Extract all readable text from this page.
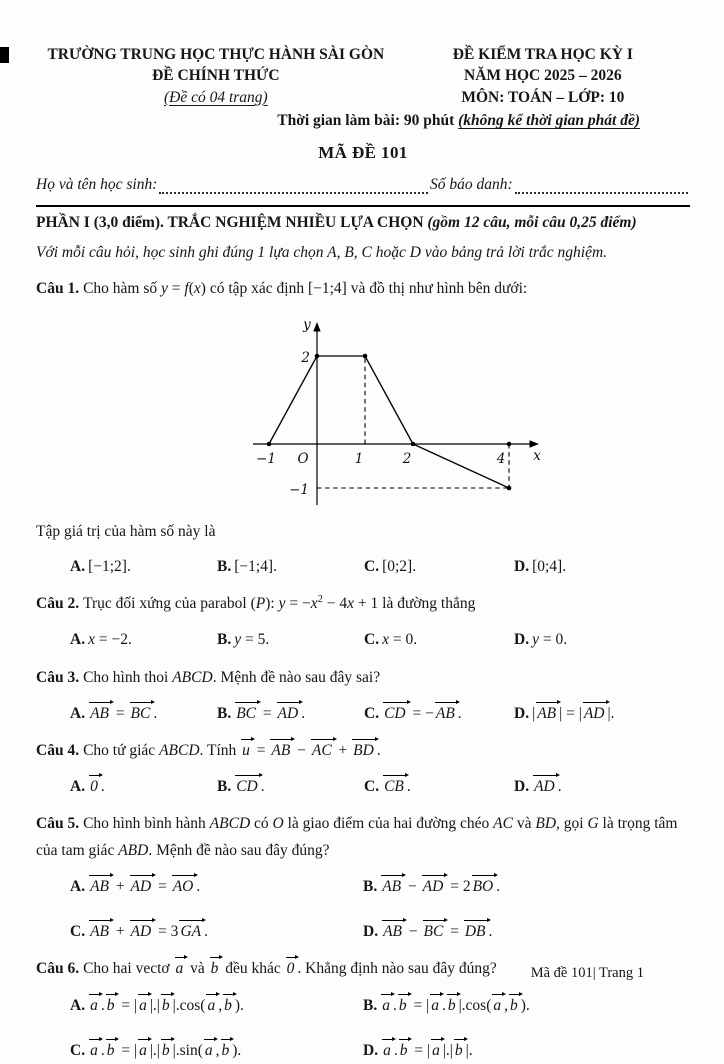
TRƯỜNG TRUNG HỌC THỰC HÀNH SÀI GÒN
ĐỀ CHÍNH THỨC
(Đề có 04 trang)
ĐỀ KIỂM TRA HỌC KỲ I
NĂM HỌC 2025 – 2026
MÔN: TOÁN – LỚP: 10
Thời gian làm bài: 90 phút (không kể thời gian phát đề)
MÃ ĐỀ 101
Họ và tên học sinh:	Số báo danh:
PHẦN I (3,0 điểm). TRẮC NGHIỆM NHIỀU LỰA CHỌN (gồm 12 câu, mỗi câu 0,25 điểm)
Với mỗi câu hỏi, học sinh ghi đúng 1 lựa chọn A, B, C hoặc D vào bảng trả lời trắc nghiệm.

Câu 1. Cho hàm số y = f(x) có tập xác định [−1;4] và đồ thị như hình bên dưới:

y
x
O
−1	1	2	4
2
−1

Tập giá trị của hàm số này là

A. [−1;2].	B. [−1;4].	C. [0;2].	D. [0;4].

Câu 2. Trục đối xứng của parabol (P): $y = -x^2 - 4x + 1$ là đường thẳng

A. x = −2.	B. y = 5.	C. x = 0.	D. y = 0.

Câu 3. Cho hình thoi ABCD. Mệnh đề nào sau đây sai?

A. AB = BC .	B. BC = AD .	C. CD = − AB .	D. | AB | = | AD |.

Câu 4. Cho tứ giác ABCD. Tính u = AB − AC + BD .

A. 0 .	B. CD .	C. CB .	D. AD .

Câu 5. Cho hình bình hành ABCD có O là giao điểm của hai đường chéo AC và BD, gọi G là trọng tâm của tam giác ABD. Mệnh đề nào sau đây đúng?

A. AB + AD = AO .	B. AB − AD = 2 BO .
C. AB + AD = 3 GA .	D. AB − BC = DB .

Câu 6. Cho hai vectơ a và b đều khác 0 . Khẳng định nào sau đây đúng?

A. a . b = | a |.| b |.cos( a , b ).	B. a . b = | a . b |.cos( a , b ).
C. a . b = | a |.| b |.sin( a , b ).	D. a . b = | a |.| b |.
Mã đề 101| Trang 1
